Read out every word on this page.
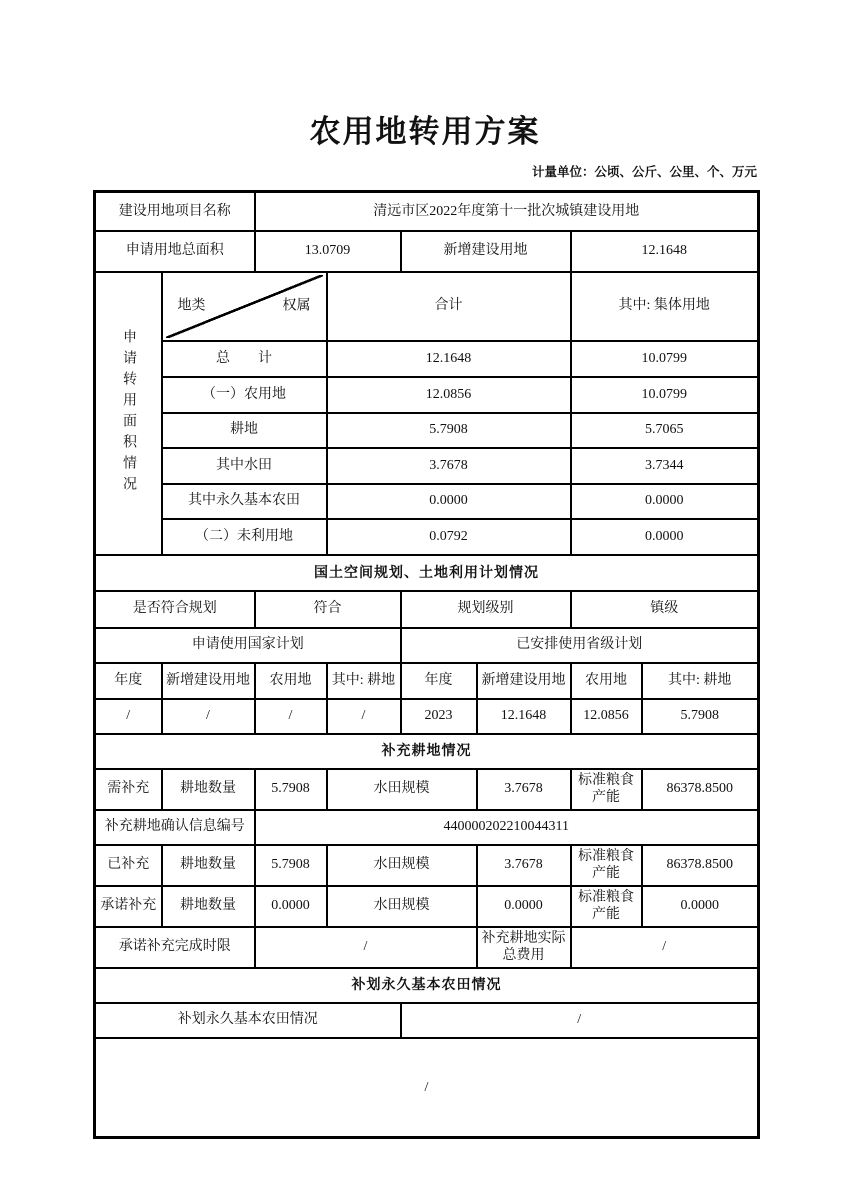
农用地转用方案
计量单位：公顷、公斤、公里、个、万元
建设用地项目名称		清远市区2022年度第十一批次城镇建设用地					
申请用地总面积		13.0709		新增建设用地		12.1648	

申请转用面积情况	地类 权属		合计			其中: 集体用地	
	总　　计		12.1648			10.0799	
	（一）农用地		12.0856			10.0799	
	耕地		5.7908			5.7065	
	其中水田		3.7678			3.7344	
	其中永久基本农田		0.0000			0.0000	
	（二）未利用地		0.0792			0.0000	
国土空间规划、土地利用计划情况							
是否符合规划		符合		规划级别		镇级	
申请使用国家计划				已安排使用省级计划			
年度	新增建设用地	农用地	其中: 耕地	年度	新增建设用地	农用地	其中: 耕地
/	/	/	/	2023	12.1648	12.0856	5.7908
补充耕地情况							
需补充	耕地数量	5.7908	水田规模		3.7678	标准粮食产能	86378.8500
补充耕地确认信息编号		440000202210044311					
已补充	耕地数量	5.7908	水田规模		3.7678	标准粮食产能	86378.8500
承诺补充	耕地数量	0.0000	水田规模		0.0000	标准粮食产能	0.0000
承诺补充完成时限		/			补充耕地实际总费用	/	
补划永久基本农田情况							
补划永久基本农田情况				/			
/							
